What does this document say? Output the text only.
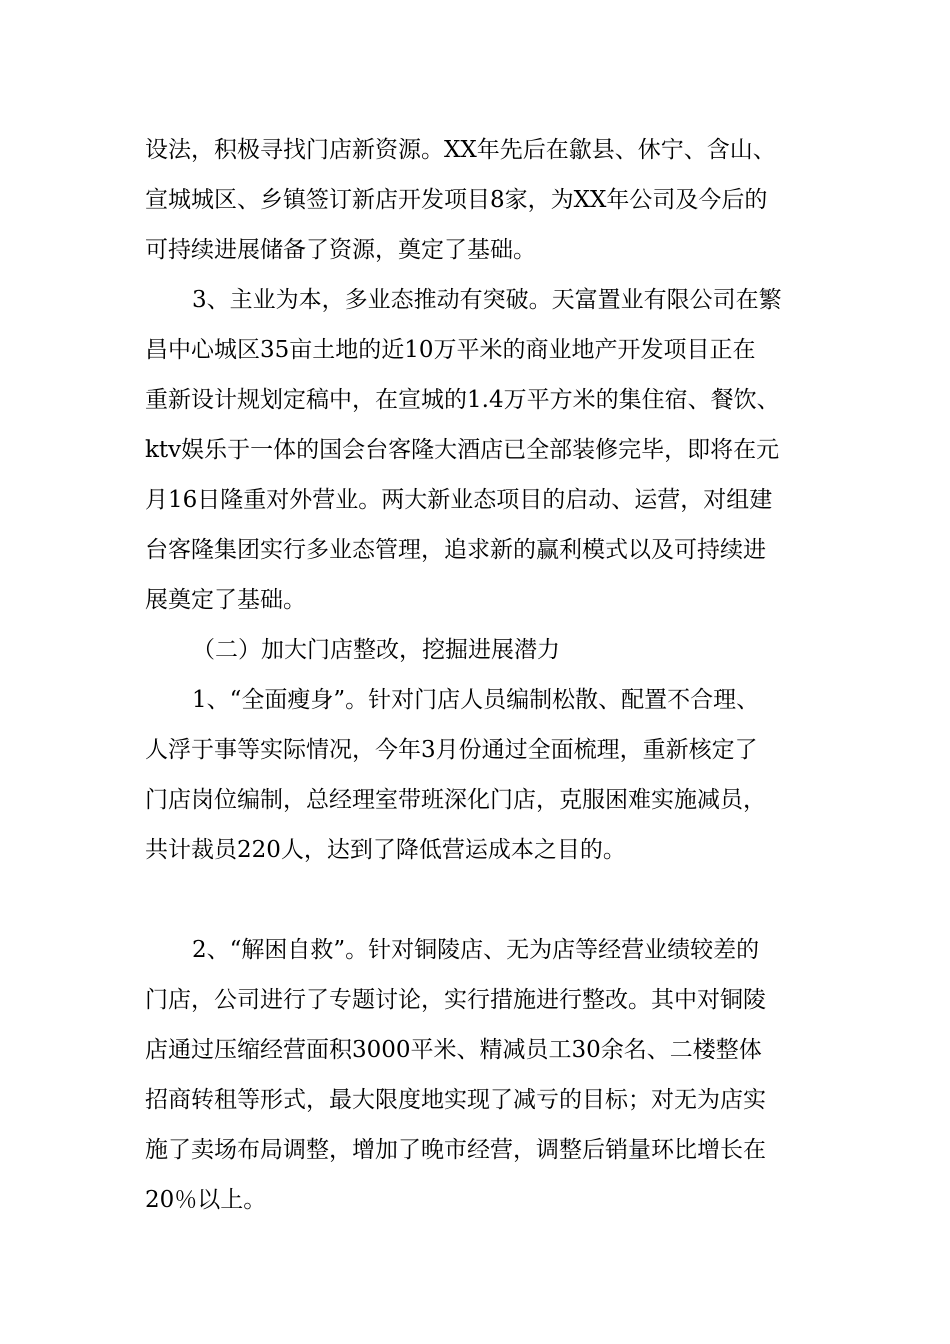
设法，积极寻找门店新资源。XX年先后在歙县、休宁、含山、
宣城城区、乡镇签订新店开发项目8家，为XX年公司及今后的
可持续进展储备了资源，奠定了基础。
3、主业为本，多业态推动有突破。天富置业有限公司在繁
昌中心城区35亩土地的近10万平米的商业地产开发项目正在
重新设计规划定稿中，在宣城的1.4万平方米的集住宿、餐饮、
ktv娱乐于一体的国会台客隆大酒店已全部装修完毕，即将在元
月16日隆重对外营业。两大新业态项目的启动、运营，对组建
台客隆集团实行多业态管理，追求新的赢利模式以及可持续进
展奠定了基础。
（二）加大门店整改，挖掘进展潜力
1、“全面瘦身”。针对门店人员编制松散、配置不合理、
人浮于事等实际情况，今年3月份通过全面梳理，重新核定了
门店岗位编制，总经理室带班深化门店，克服困难实施减员，
共计裁员220人，达到了降低营运成本之目的。
2、“解困自救”。针对铜陵店、无为店等经营业绩较差的
门店，公司进行了专题讨论，实行措施进行整改。其中对铜陵
店通过压缩经营面积3000平米、精减员工30余名、二楼整体
招商转租等形式，最大限度地实现了减亏的目标；对无为店实
施了卖场布局调整，增加了晚市经营，调整后销量环比增长在
20％以上。
